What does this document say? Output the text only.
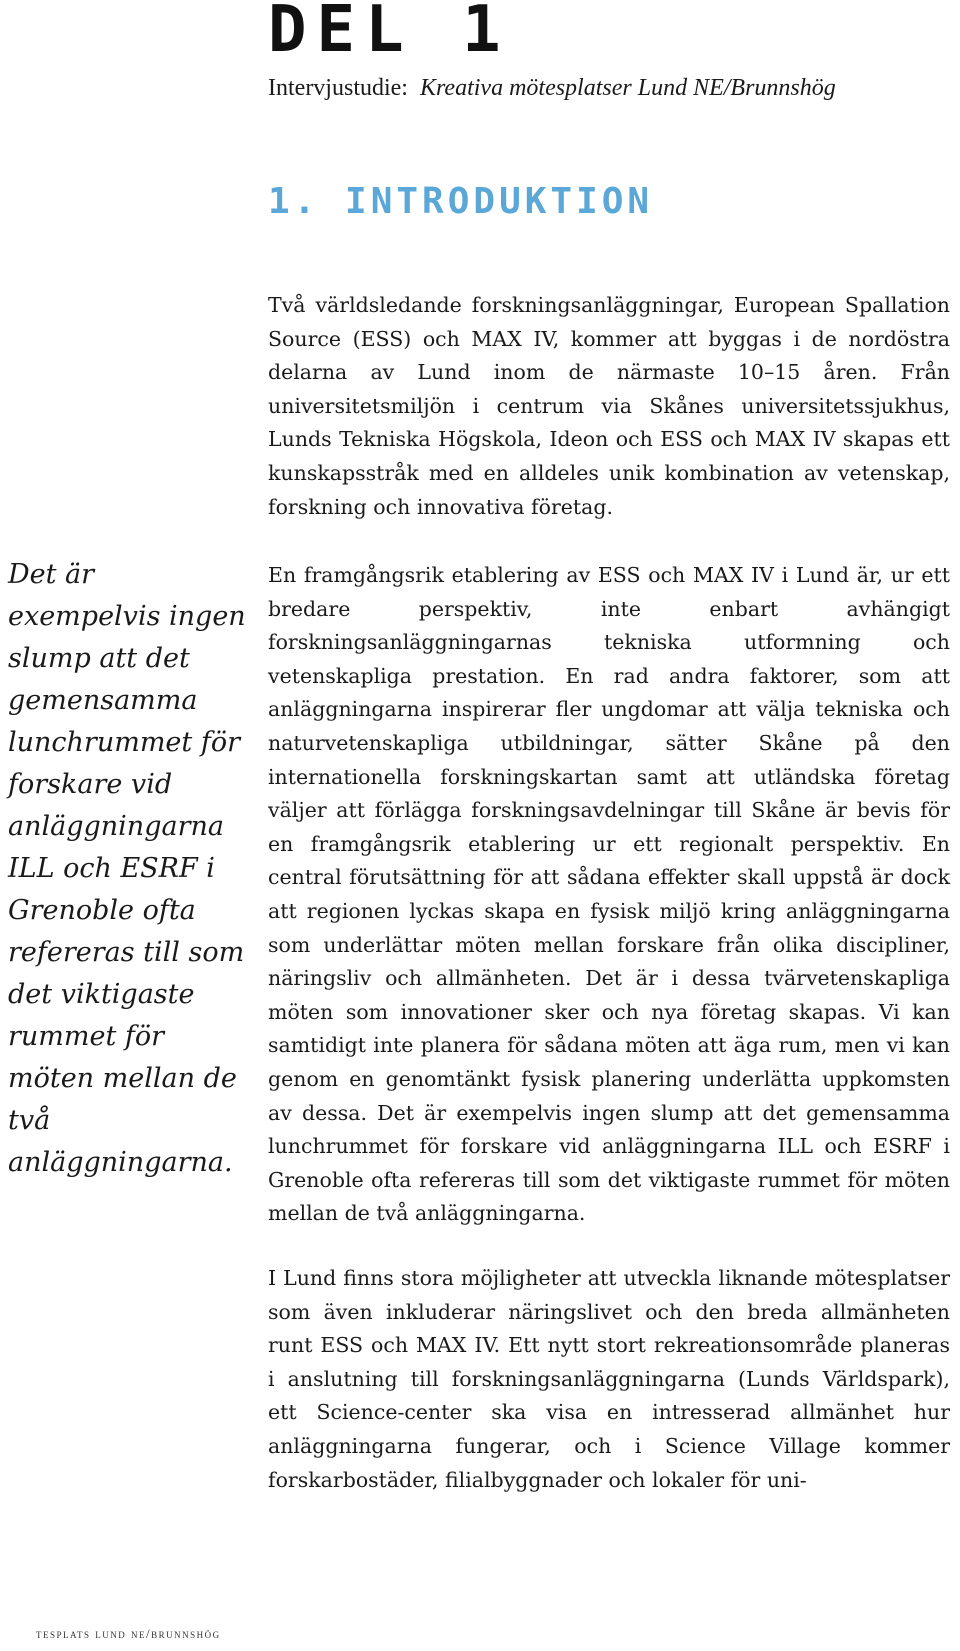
DEL 1

Intervjustudie: Kreativa mötesplatser Lund NE/Brunnshög

1. INTRODUKTION
Det är exempelvis ingen slump att det gemensamma lunchrummet för forskare vid anläggningarna ILL och ESRF i Grenoble ofta refereras till som det viktigaste rummet för möten mellan de två anläggningarna.

Två världsledande forskningsanläggningar, European Spallation Source (ESS) och MAX IV, kommer att byggas i de nordöstra delarna av Lund inom de närmaste 10–15 åren. Från universitetsmiljön i centrum via Skånes universitetssjukhus, Lunds Tekniska Högskola, Ideon och ESS och MAX IV skapas ett kunskapsstråk med en alldeles unik kombination av vetenskap, forskning och innovativa företag.

En framgångsrik etablering av ESS och MAX IV i Lund är, ur ett bredare perspektiv, inte enbart avhängigt forskningsanläggningarnas tekniska utformning och vetenskapliga prestation. En rad andra faktorer, som att anläggningarna inspirerar fler ungdomar att välja tekniska och naturvetenskapliga utbildningar, sätter Skåne på den internationella forskningskartan samt att utländska företag väljer att förlägga forskningsavdelningar till Skåne är bevis för en framgångsrik etablering ur ett regionalt perspektiv. En central förutsättning för att sådana effekter skall uppstå är dock att regionen lyckas skapa en fysisk miljö kring anläggningarna som underlättar möten mellan forskare från olika discipliner, näringsliv och allmänheten. Det är i dessa tvärvetenskapliga möten som innovationer sker och nya företag skapas. Vi kan samtidigt inte planera för sådana möten att äga rum, men vi kan genom en genomtänkt fysisk planering underlätta uppkomsten av dessa. Det är exempelvis ingen slump att det gemensamma lunchrummet för forskare vid anläggningarna ILL och ESRF i Grenoble ofta refereras till som det viktigaste rummet för möten mellan de två anläggningarna.

I Lund finns stora möjligheter att utveckla liknande mötesplatser som även inkluderar näringslivet och den breda allmänheten runt ESS och MAX IV. Ett nytt stort rekreationsområde planeras i anslutning till forskningsanläggningarna (Lunds Världspark), ett Science-center ska visa en intresserad allmänhet hur anläggningarna fungerar, och i Science Village kommer forskarbostäder, filialbyggnader och lokaler för uni-

tesplats lund ne/brunnshög
